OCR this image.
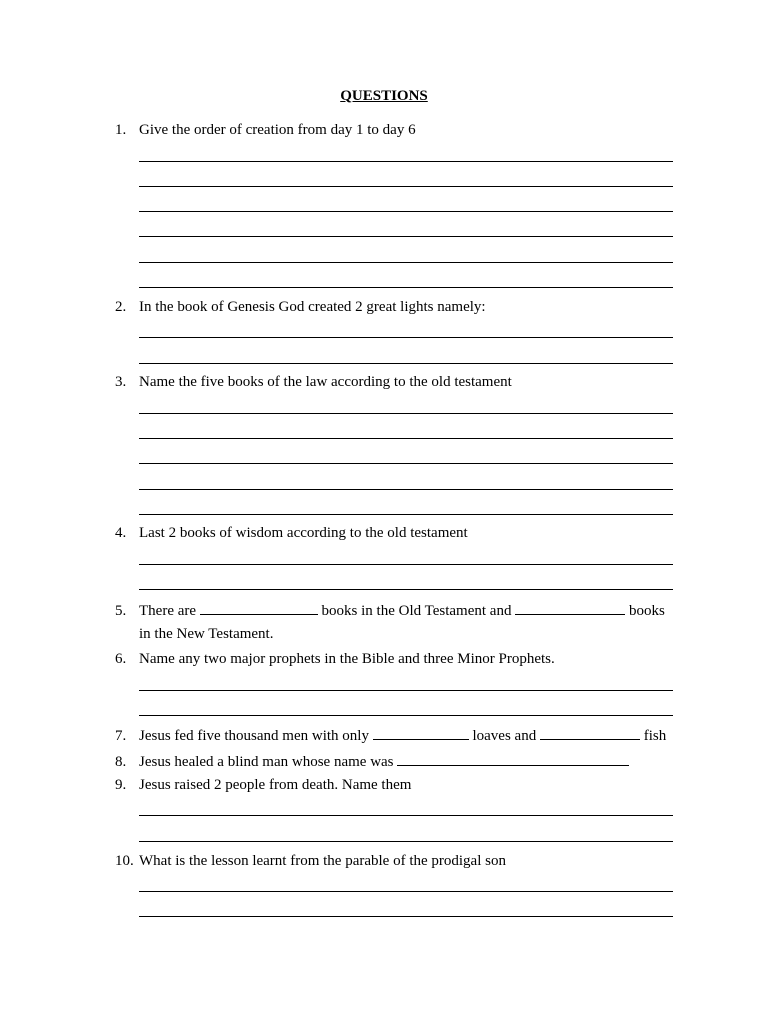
QUESTIONS
1. Give the order of creation from day 1 to day 6
2. In the book of Genesis God created 2 great lights namely:
3. Name the five books of the law according to the old testament
4. Last 2 books of wisdom according to the old testament
5. There are	books in the Old Testament and	books
in the New Testament.
6. Name any two major prophets in the Bible and three Minor Prophets.
7. Jesus fed five thousand men with only	loaves and	fish
8. Jesus healed a blind man whose name was
9. Jesus raised 2 people from death. Name them
10. What is the lesson learnt from the parable of the prodigal son
